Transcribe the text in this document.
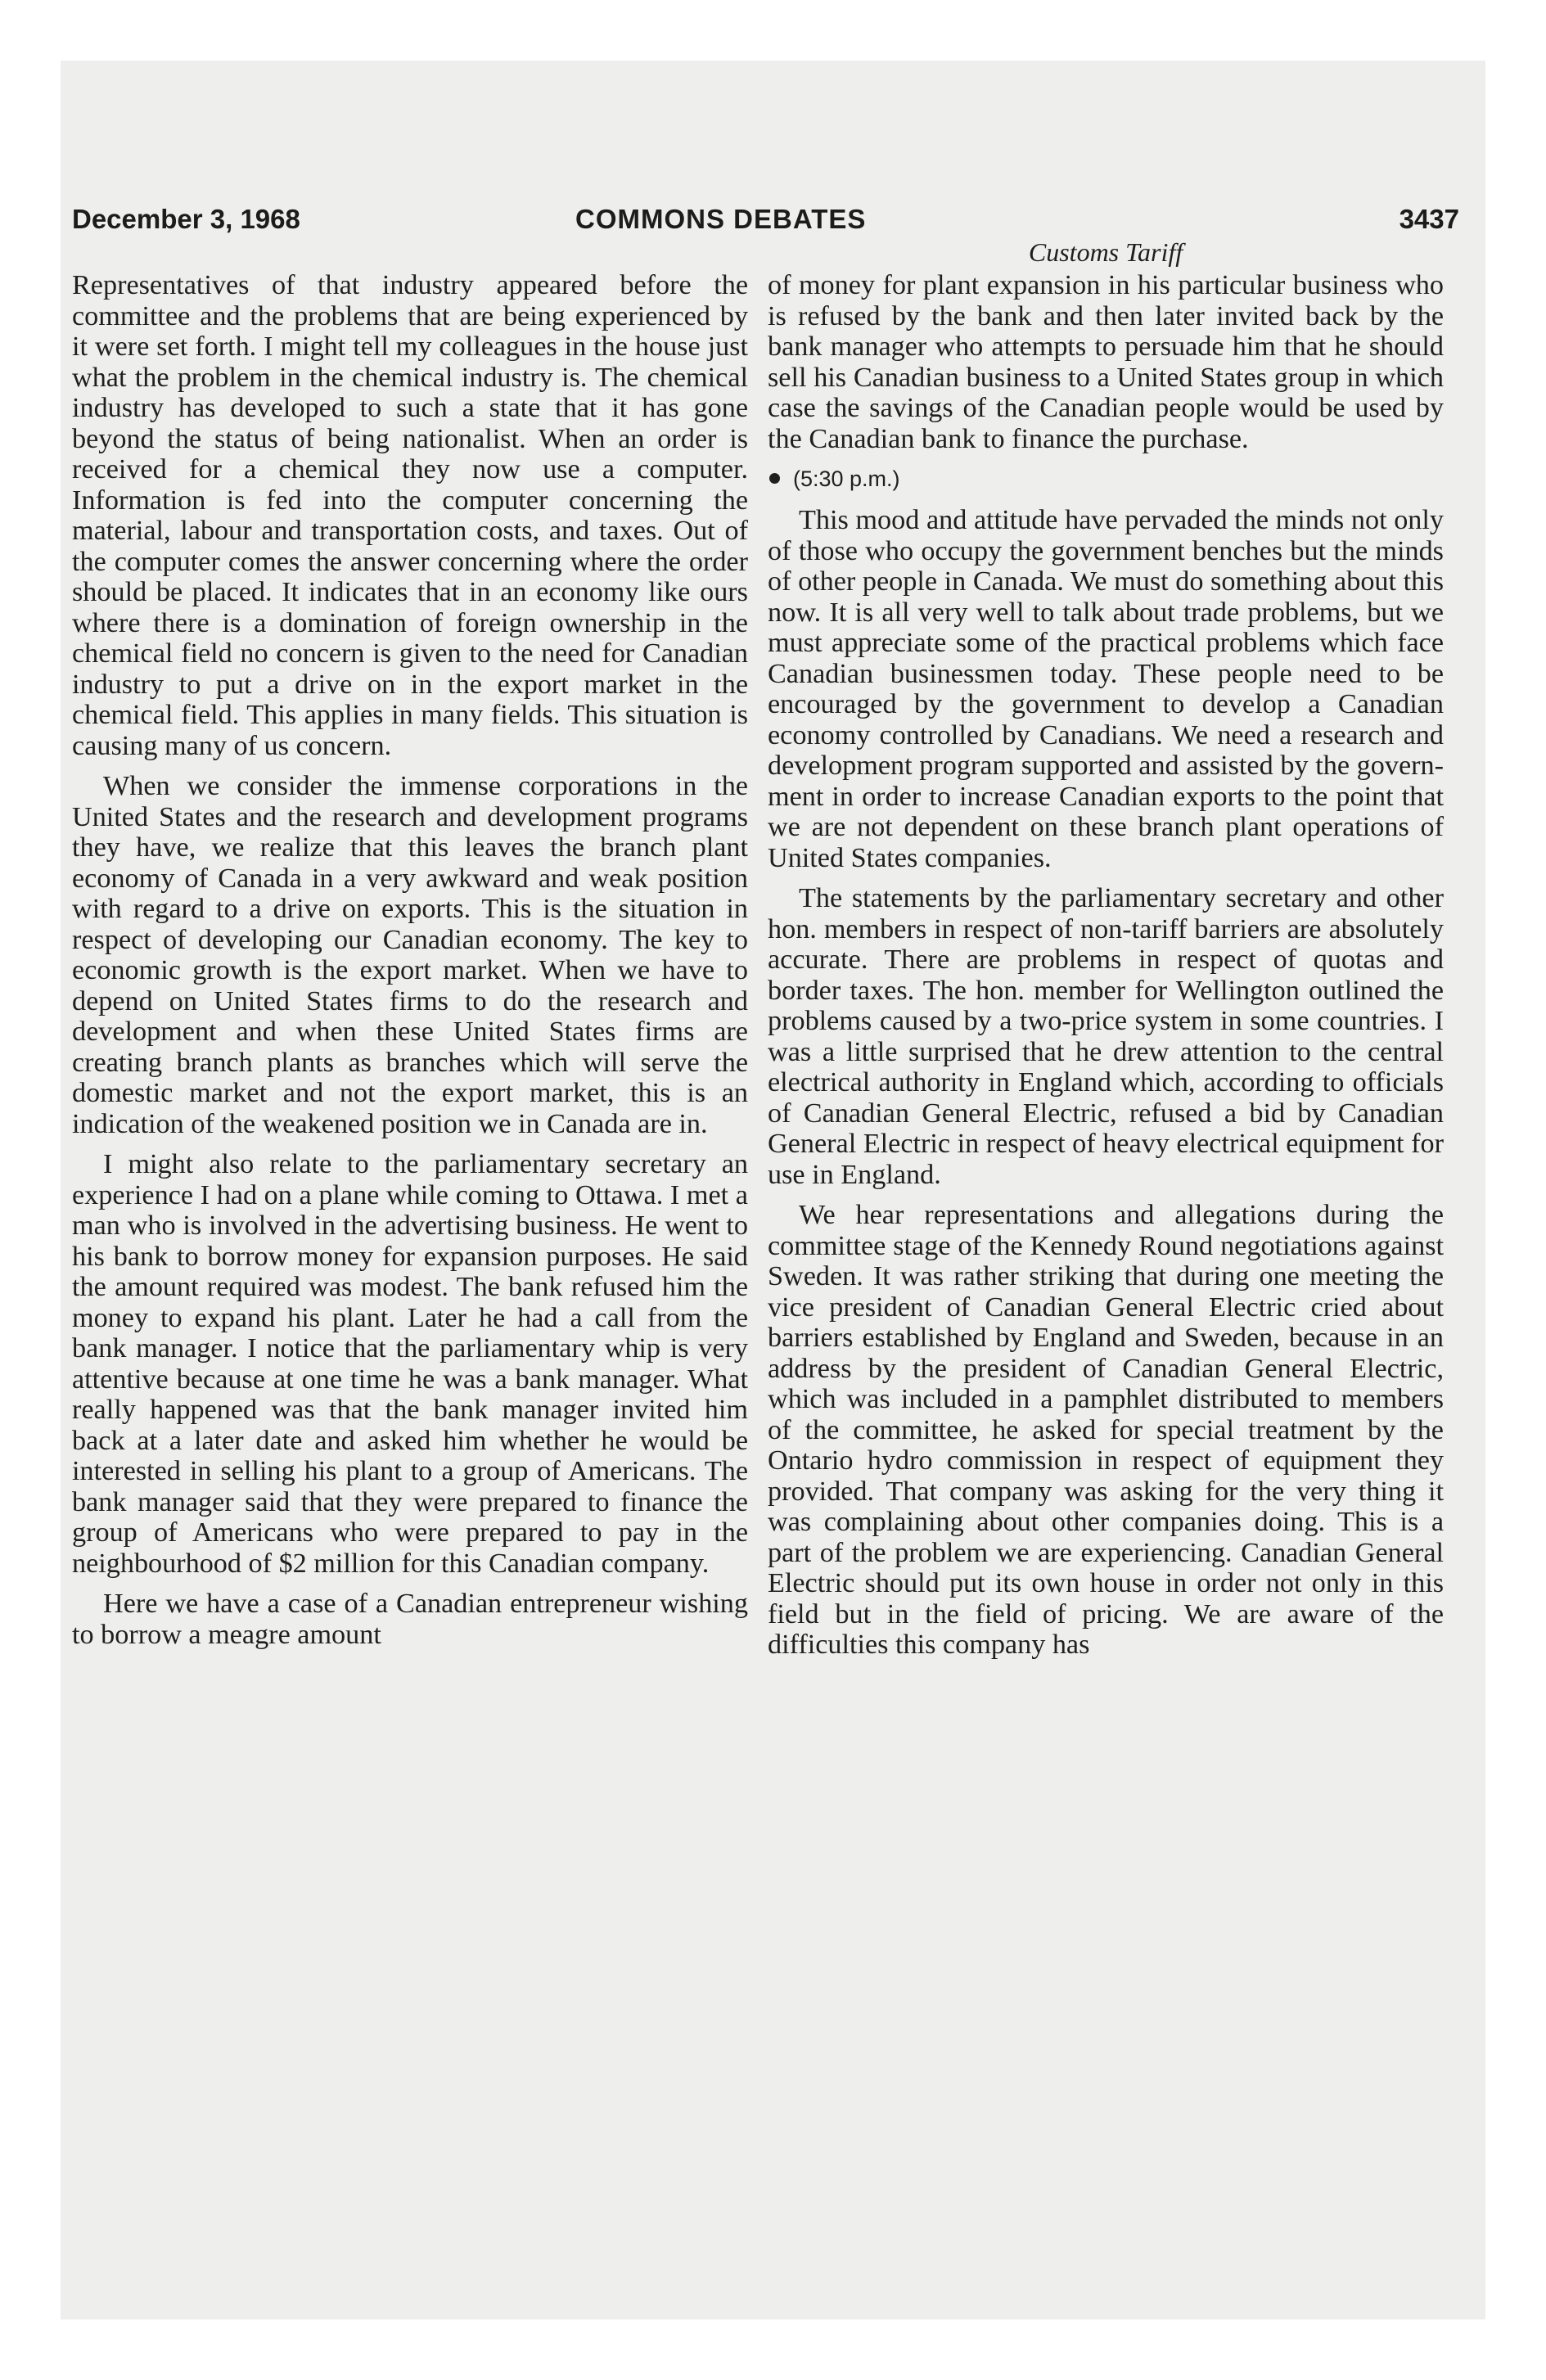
December 3, 1968	COMMONS DEBATES	3437

Representatives of that industry appeared before the committee and the problems that are being experienced by it were set forth. I might tell my colleagues in the house just what the problem in the chemical industry is. The chemical industry has developed to such a state that it has gone beyond the status of being nationalist. When an order is received for a chemical they now use a computer. Information is fed into the computer concerning the material, labour and transportation costs, and taxes. Out of the computer comes the answer concerning where the order should be placed. It indicates that in an economy like ours where there is a domination of foreign ownership in the chemical field no concern is given to the need for Canadian industry to put a drive on in the export market in the chemical field. This applies in many fields. This situation is causing many of us concern.

When we consider the immense corporations in the United States and the research and development programs they have, we realize that this leaves the branch plant economy of Canada in a very awkward and weak position with regard to a drive on exports. This is the situation in respect of developing our Canadian economy. The key to economic growth is the export market. When we have to depend on United States firms to do the research and development and when these United States firms are creating branch plants as branches which will serve the domestic market and not the export market, this is an indication of the weakened position we in Canada are in.

I might also relate to the parliamentary secretary an experience I had on a plane while coming to Ottawa. I met a man who is involved in the advertising business. He went to his bank to borrow money for expansion purposes. He said the amount required was modest. The bank refused him the money to expand his plant. Later he had a call from the bank manager. I notice that the parliamentary whip is very attentive because at one time he was a bank manager. What really happened was that the bank manager invited him back at a later date and asked him whether he would be interested in selling his plant to a group of Americans. The bank manager said that they were prepared to finance the group of Americans who were prepared to pay in the neighbourhood of $2 million for this Canadian company.

Here we have a case of a Canadian entrepreneur wishing to borrow a meagre amount

Customs Tariff

of money for plant expansion in his particular business who is refused by the bank and then later invited back by the bank manager who attempts to persuade him that he should sell his Canadian business to a United States group in which case the savings of the Canadian people would be used by the Canadian bank to finance the purchase.

(5:30 p.m.)

This mood and attitude have pervaded the minds not only of those who occupy the government benches but the minds of other people in Canada. We must do something about this now. It is all very well to talk about trade problems, but we must appreciate some of the practical problems which face Canadian businessmen today. These people need to be encouraged by the government to develop a Canadian economy controlled by Canadians. We need a research and development program supported and assisted by the government in order to increase Canadian exports to the point that we are not dependent on these branch plant operations of United States companies.

The statements by the parliamentary secretary and other hon. members in respect of non-tariff barriers are absolutely accurate. There are problems in respect of quotas and border taxes. The hon. member for Wellington outlined the problems caused by a two-price system in some countries. I was a little surprised that he drew attention to the central electrical authority in England which, according to officials of Canadian General Electric, refused a bid by Canadian General Electric in respect of heavy electrical equipment for use in England.

We hear representations and allegations during the committee stage of the Kennedy Round negotiations against Sweden. It was rather striking that during one meeting the vice president of Canadian General Electric cried about barriers established by England and Sweden, because in an address by the president of Canadian General Electric, which was included in a pamphlet distributed to members of the committee, he asked for special treatment by the Ontario hydro commission in respect of equipment they provided. That company was asking for the very thing it was complaining about other companies doing. This is a part of the problem we are experiencing. Canadian General Electric should put its own house in order not only in this field but in the field of pricing. We are aware of the difficulties this company has
